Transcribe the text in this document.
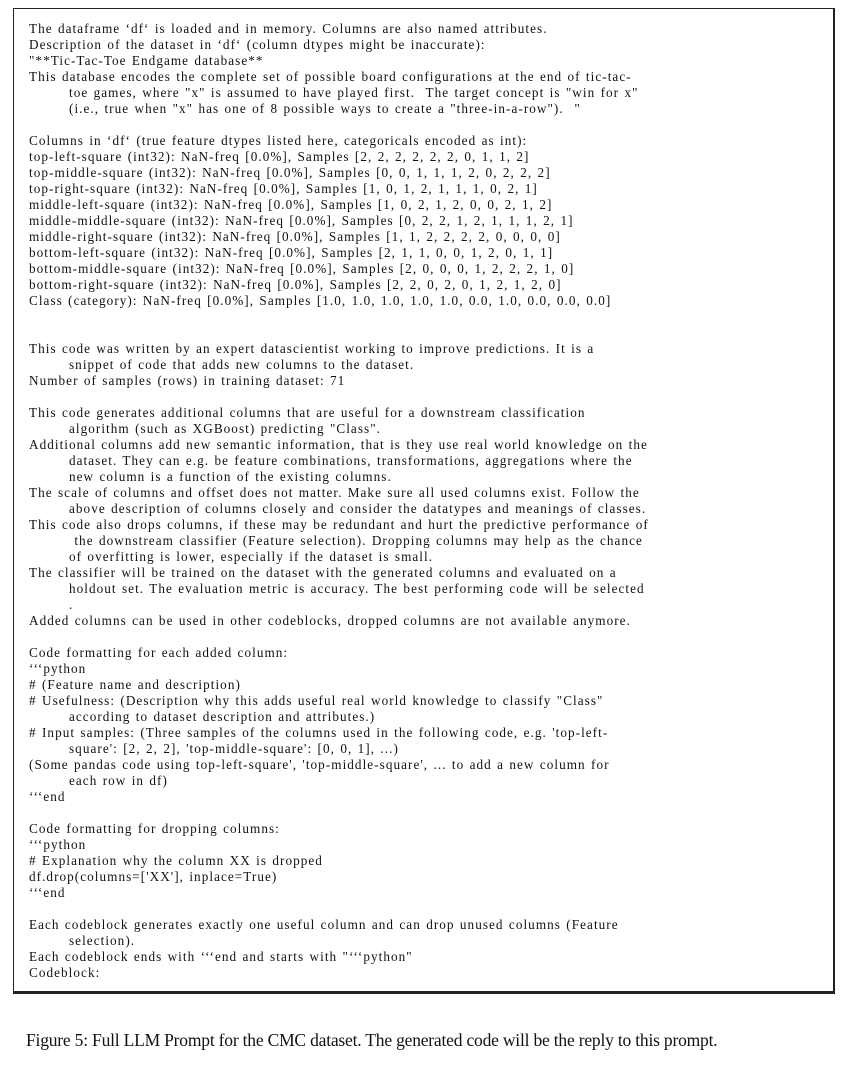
The dataframe ‘df‘ is loaded and in memory. Columns are also named attributes.
Description of the dataset in ‘df‘ (column dtypes might be inaccurate):
"**Tic-Tac-Toe Endgame database**
This database encodes the complete set of possible board configurations at the end of tic-tac-
toe games, where "x" is assumed to have played first.  The target concept is "win for x"
(i.e., true when "x" has one of 8 possible ways to create a "three-in-a-row").  "
Columns in ‘df‘ (true feature dtypes listed here, categoricals encoded as int):
top-left-square (int32): NaN-freq [0.0%], Samples [2, 2, 2, 2, 2, 2, 0, 1, 1, 2]
top-middle-square (int32): NaN-freq [0.0%], Samples [0, 0, 1, 1, 1, 2, 0, 2, 2, 2]
top-right-square (int32): NaN-freq [0.0%], Samples [1, 0, 1, 2, 1, 1, 1, 0, 2, 1]
middle-left-square (int32): NaN-freq [0.0%], Samples [1, 0, 2, 1, 2, 0, 0, 2, 1, 2]
middle-middle-square (int32): NaN-freq [0.0%], Samples [0, 2, 2, 1, 2, 1, 1, 1, 2, 1]
middle-right-square (int32): NaN-freq [0.0%], Samples [1, 1, 2, 2, 2, 2, 0, 0, 0, 0]
bottom-left-square (int32): NaN-freq [0.0%], Samples [2, 1, 1, 0, 0, 1, 2, 0, 1, 1]
bottom-middle-square (int32): NaN-freq [0.0%], Samples [2, 0, 0, 0, 1, 2, 2, 2, 1, 0]
bottom-right-square (int32): NaN-freq [0.0%], Samples [2, 2, 0, 2, 0, 1, 2, 1, 2, 0]
Class (category): NaN-freq [0.0%], Samples [1.0, 1.0, 1.0, 1.0, 1.0, 0.0, 1.0, 0.0, 0.0, 0.0]
This code was written by an expert datascientist working to improve predictions. It is a
snippet of code that adds new columns to the dataset.
Number of samples (rows) in training dataset: 71
This code generates additional columns that are useful for a downstream classification
algorithm (such as XGBoost) predicting "Class".
Additional columns add new semantic information, that is they use real world knowledge on the
dataset. They can e.g. be feature combinations, transformations, aggregations where the
new column is a function of the existing columns.
The scale of columns and offset does not matter. Make sure all used columns exist. Follow the
above description of columns closely and consider the datatypes and meanings of classes.
This code also drops columns, if these may be redundant and hurt the predictive performance of
the downstream classifier (Feature selection). Dropping columns may help as the chance
of overfitting is lower, especially if the dataset is small.
The classifier will be trained on the dataset with the generated columns and evaluated on a
holdout set. The evaluation metric is accuracy. The best performing code will be selected
.
Added columns can be used in other codeblocks, dropped columns are not available anymore.
Code formatting for each added column:
‘‘‘python
# (Feature name and description)
# Usefulness: (Description why this adds useful real world knowledge to classify "Class"
according to dataset description and attributes.)
# Input samples: (Three samples of the columns used in the following code, e.g. 'top-left-
square': [2, 2, 2], 'top-middle-square': [0, 0, 1], ...)
(Some pandas code using top-left-square', 'top-middle-square', ... to add a new column for
each row in df)
‘‘‘end
Code formatting for dropping columns:
‘‘‘python
# Explanation why the column XX is dropped
df.drop(columns=['XX'], inplace=True)
‘‘‘end
Each codeblock generates exactly one useful column and can drop unused columns (Feature
selection).
Each codeblock ends with ‘‘‘end and starts with "‘‘‘python"
Codeblock:
Figure 5: Full LLM Prompt for the CMC dataset. The generated code will be the reply to this prompt.
